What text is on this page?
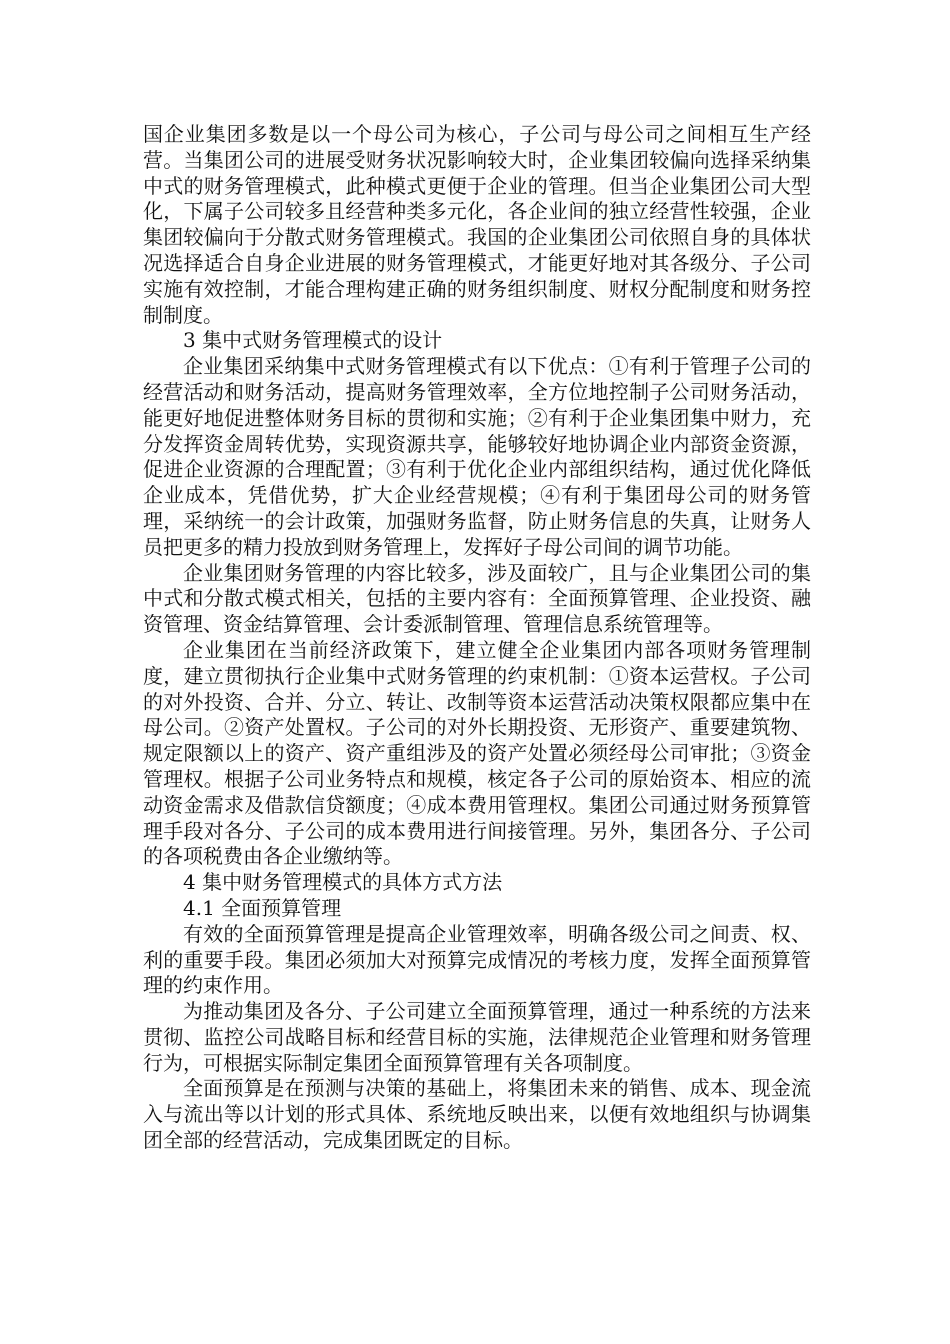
国企业集团多数是以一个母公司为核心，子公司与母公司之间相互生产经营。当集团公司的进展受财务状况影响较大时，企业集团较偏向选择采纳集中式的财务管理模式，此种模式更便于企业的管理。但当企业集团公司大型化，下属子公司较多且经营种类多元化，各企业间的独立经营性较强，企业集团较偏向于分散式财务管理模式。我国的企业集团公司依照自身的具体状况选择适合自身企业进展的财务管理模式，才能更好地对其各级分、子公司实施有效控制，才能合理构建正确的财务组织制度、财权分配制度和财务控制制度。

3 集中式财务管理模式的设计

企业集团采纳集中式财务管理模式有以下优点：①有利于管理子公司的经营活动和财务活动，提高财务管理效率，全方位地控制子公司财务活动，能更好地促进整体财务目标的贯彻和实施；②有利于企业集团集中财力，充分发挥资金周转优势，实现资源共享，能够较好地协调企业内部资金资源，促进企业资源的合理配置；③有利于优化企业内部组织结构，通过优化降低企业成本，凭借优势，扩大企业经营规模；④有利于集团母公司的财务管理，采纳统一的会计政策，加强财务监督，防止财务信息的失真，让财务人员把更多的精力投放到财务管理上，发挥好子母公司间的调节功能。

企业集团财务管理的内容比较多，涉及面较广，且与企业集团公司的集中式和分散式模式相关，包括的主要内容有：全面预算管理、企业投资、融资管理、资金结算管理、会计委派制管理、管理信息系统管理等。

企业集团在当前经济政策下，建立健全企业集团内部各项财务管理制度，建立贯彻执行企业集中式财务管理的约束机制：①资本运营权。子公司的对外投资、合并、分立、转让、改制等资本运营活动决策权限都应集中在母公司。②资产处置权。子公司的对外长期投资、无形资产、重要建筑物、规定限额以上的资产、资产重组涉及的资产处置必须经母公司审批；③资金管理权。根据子公司业务特点和规模，核定各子公司的原始资本、相应的流动资金需求及借款信贷额度；④成本费用管理权。集团公司通过财务预算管理手段对各分、子公司的成本费用进行间接管理。另外，集团各分、子公司的各项税费由各企业缴纳等。

4 集中财务管理模式的具体方式方法

4.1 全面预算管理

有效的全面预算管理是提高企业管理效率，明确各级公司之间责、权、利的重要手段。集团必须加大对预算完成情况的考核力度，发挥全面预算管理的约束作用。

为推动集团及各分、子公司建立全面预算管理，通过一种系统的方法来贯彻、监控公司战略目标和经营目标的实施，法律规范企业管理和财务管理行为，可根据实际制定集团全面预算管理有关各项制度。

全面预算是在预测与决策的基础上，将集团未来的销售、成本、现金流入与流出等以计划的形式具体、系统地反映出来，以便有效地组织与协调集团全部的经营活动，完成集团既定的目标。
